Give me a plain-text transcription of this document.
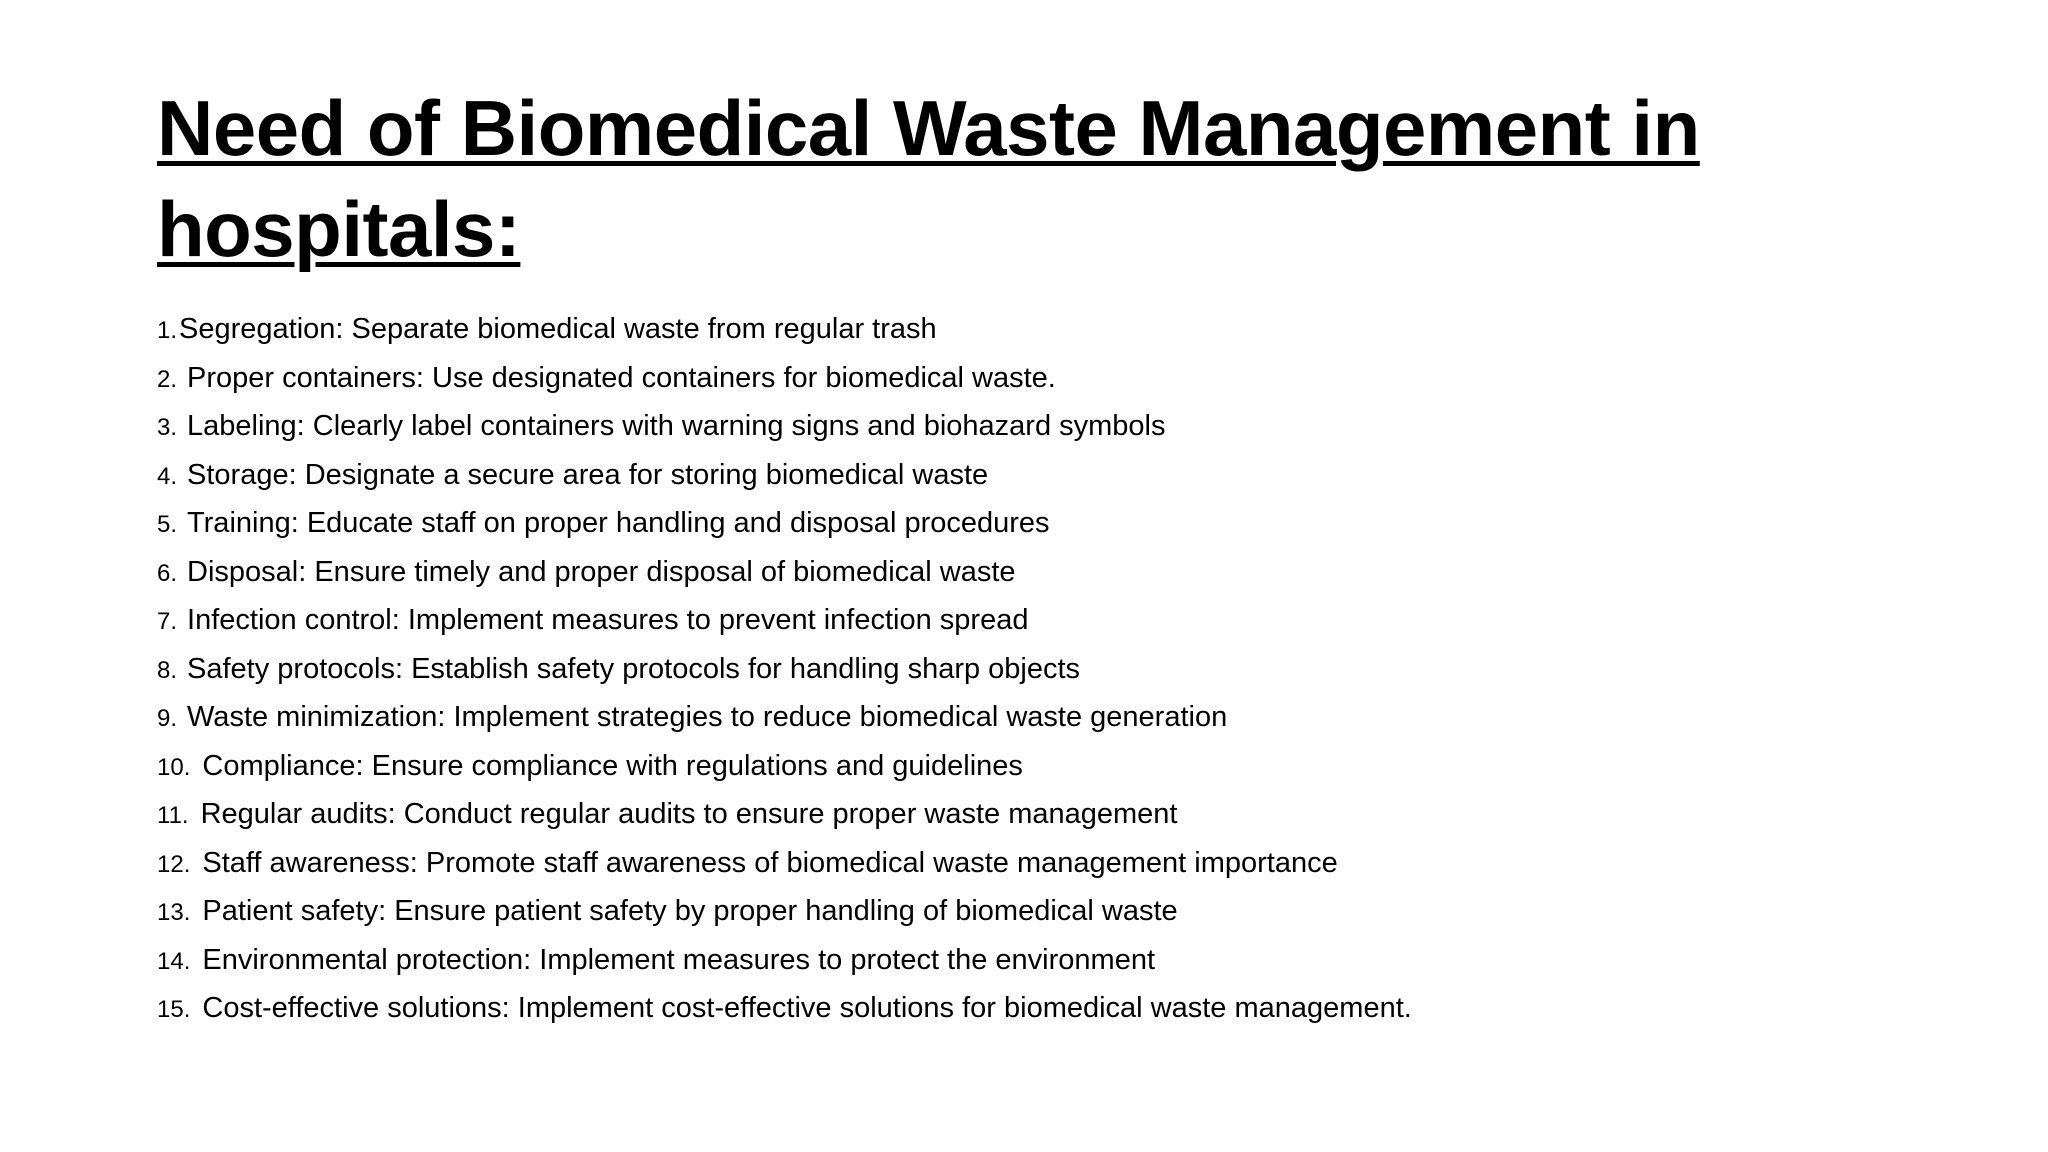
Need of Biomedical Waste Management in hospitals:
1.Segregation: Separate biomedical waste from regular trash
2. Proper containers: Use designated containers for biomedical waste.
3. Labeling: Clearly label containers with warning signs and biohazard symbols
4. Storage: Designate a secure area for storing biomedical waste
5. Training: Educate staff on proper handling and disposal procedures
6. Disposal: Ensure timely and proper disposal of biomedical waste
7. Infection control: Implement measures to prevent infection spread
8. Safety protocols: Establish safety protocols for handling sharp objects
9. Waste minimization: Implement strategies to reduce biomedical waste generation
10. Compliance: Ensure compliance with regulations and guidelines
11. Regular audits: Conduct regular audits to ensure proper waste management
12. Staff awareness: Promote staff awareness of biomedical waste management importance
13. Patient safety: Ensure patient safety by proper handling of biomedical waste
14. Environmental protection: Implement measures to protect the environment
15. Cost-effective solutions: Implement cost-effective solutions for biomedical waste management.
